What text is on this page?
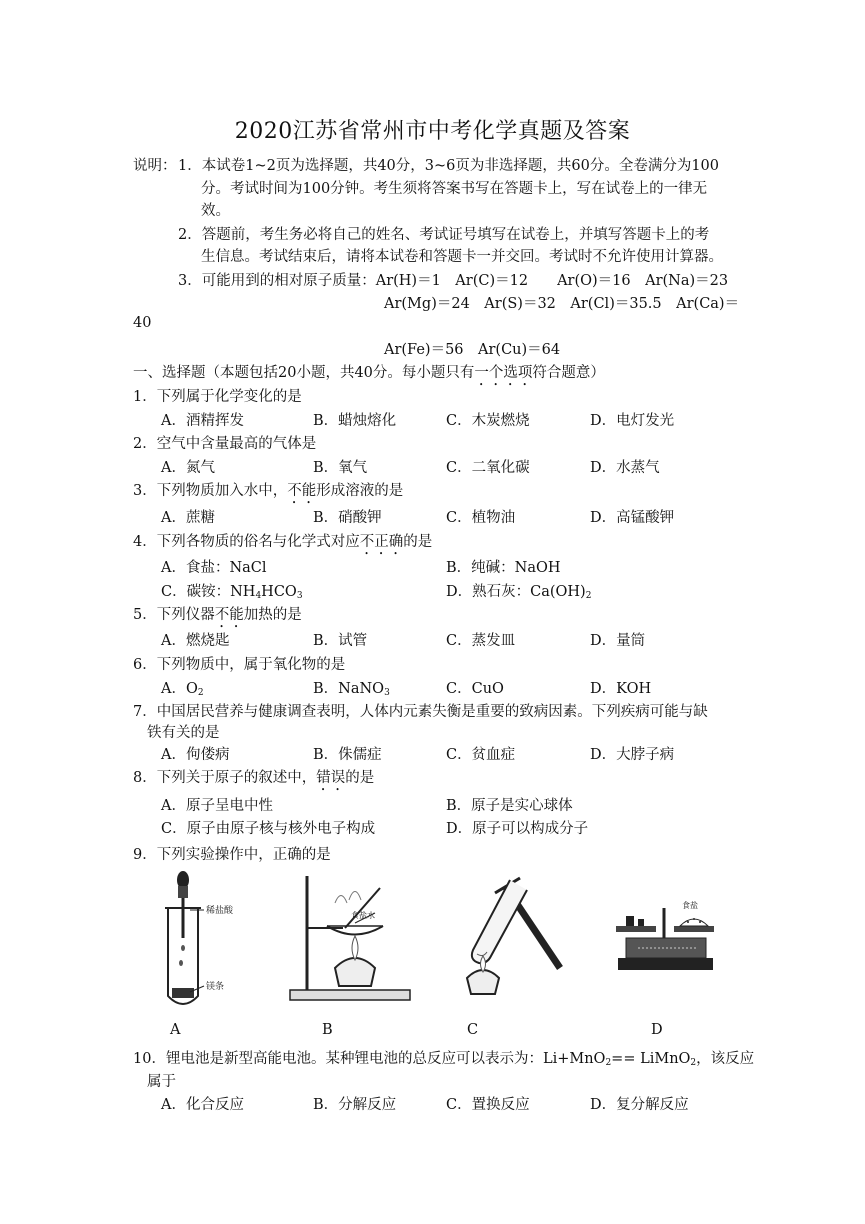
2020江苏省常州市中考化学真题及答案
说明： 1．本试卷1~2页为选择题，共40分，3~6页为非选择题，共60分。全卷满分为100
分。考试时间为100分钟。考生须将答案书写在答题卡上，写在试卷上的一律无
效。
2．答题前，考生务必将自己的姓名、考试证号填写在试卷上，并填写答题卡上的考
生信息。考试结束后，请将本试卷和答题卡一并交回。考试时不允许使用计算器。
3．可能用到的相对原子质量：Ar(H)＝1　Ar(C)＝12　　Ar(O)＝16　Ar(Na)＝23
Ar(Mg)＝24　Ar(S)＝32　Ar(Cl)＝35.5　Ar(Ca)＝
40
Ar(Fe)＝56　Ar(Cu)＝64
一、选择题（本题包括20小题，共40分。每小题只有一个选项符合题意）
1．下列属于化学变化的是
A．酒精挥发	B．蜡烛熔化	C．木炭燃烧	D．电灯发光
2．空气中含量最高的气体是
A．氮气	B．氧气	C．二氧化碳	D．水蒸气
3．下列物质加入水中，不能形成溶液的是
A．蔗糖	B．硝酸钾	C．植物油	D．高锰酸钾
4．下列各物质的俗名与化学式对应不正确的是
A．食盐：NaCl	B．纯碱：NaOH
C．碳铵：$NH_4HCO_3$	D．熟石灰：$Ca(OH)_2$
5．下列仪器不能加热的是
A．燃烧匙	B．试管	C．蒸发皿	D．量筒
6．下列物质中，属于氧化物的是
A．$O_2$	B．NaNO$_3$	C．CuO	D．KOH
7．中国居民营养与健康调查表明，人体内元素失衡是重要的致病因素。下列疾病可能与缺
铁有关的是
A．佝偻病	B．侏儒症	C．贫血症	D．大脖子病
8．下列关于原子的叙述中，错误的是
A．原子呈电中性	B．原子是实心球体
C．原子由原子核与核外电子构成	D．原子可以构成分子
9．下列实验操作中，正确的是
稀盐酸
镁条
食盐水
食盐
A	B	C	D
10．锂电池是新型高能电池。某种锂电池的总反应可以表示为：Li+MnO$_2$== LiMnO$_2$，该反应
属于
A．化合反应	B．分解反应	C．置换反应	D．复分解反应
